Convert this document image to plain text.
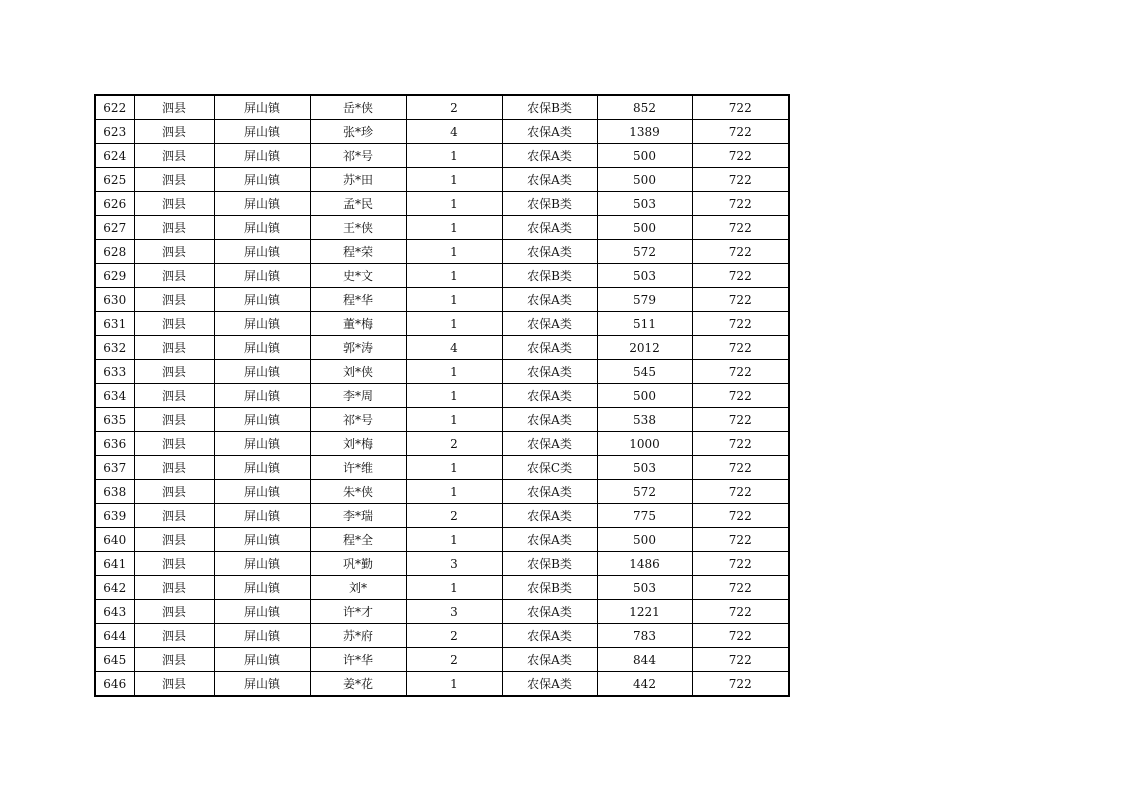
622	泗县	屏山镇	岳*侠	2	农保B类	852	722
623	泗县	屏山镇	张*珍	4	农保A类	1389	722
624	泗县	屏山镇	祁*号	1	农保A类	500	722
625	泗县	屏山镇	苏*田	1	农保A类	500	722
626	泗县	屏山镇	孟*民	1	农保B类	503	722
627	泗县	屏山镇	王*侠	1	农保A类	500	722
628	泗县	屏山镇	程*荣	1	农保A类	572	722
629	泗县	屏山镇	史*文	1	农保B类	503	722
630	泗县	屏山镇	程*华	1	农保A类	579	722
631	泗县	屏山镇	董*梅	1	农保A类	511	722
632	泗县	屏山镇	郭*涛	4	农保A类	2012	722
633	泗县	屏山镇	刘*侠	1	农保A类	545	722
634	泗县	屏山镇	李*周	1	农保A类	500	722
635	泗县	屏山镇	祁*号	1	农保A类	538	722
636	泗县	屏山镇	刘*梅	2	农保A类	1000	722
637	泗县	屏山镇	许*维	1	农保C类	503	722
638	泗县	屏山镇	朱*侠	1	农保A类	572	722
639	泗县	屏山镇	李*瑞	2	农保A类	775	722
640	泗县	屏山镇	程*全	1	农保A类	500	722
641	泗县	屏山镇	巩*勤	3	农保B类	1486	722
642	泗县	屏山镇	刘*	1	农保B类	503	722
643	泗县	屏山镇	许*才	3	农保A类	1221	722
644	泗县	屏山镇	苏*府	2	农保A类	783	722
645	泗县	屏山镇	许*华	2	农保A类	844	722
646	泗县	屏山镇	姜*花	1	农保A类	442	722
